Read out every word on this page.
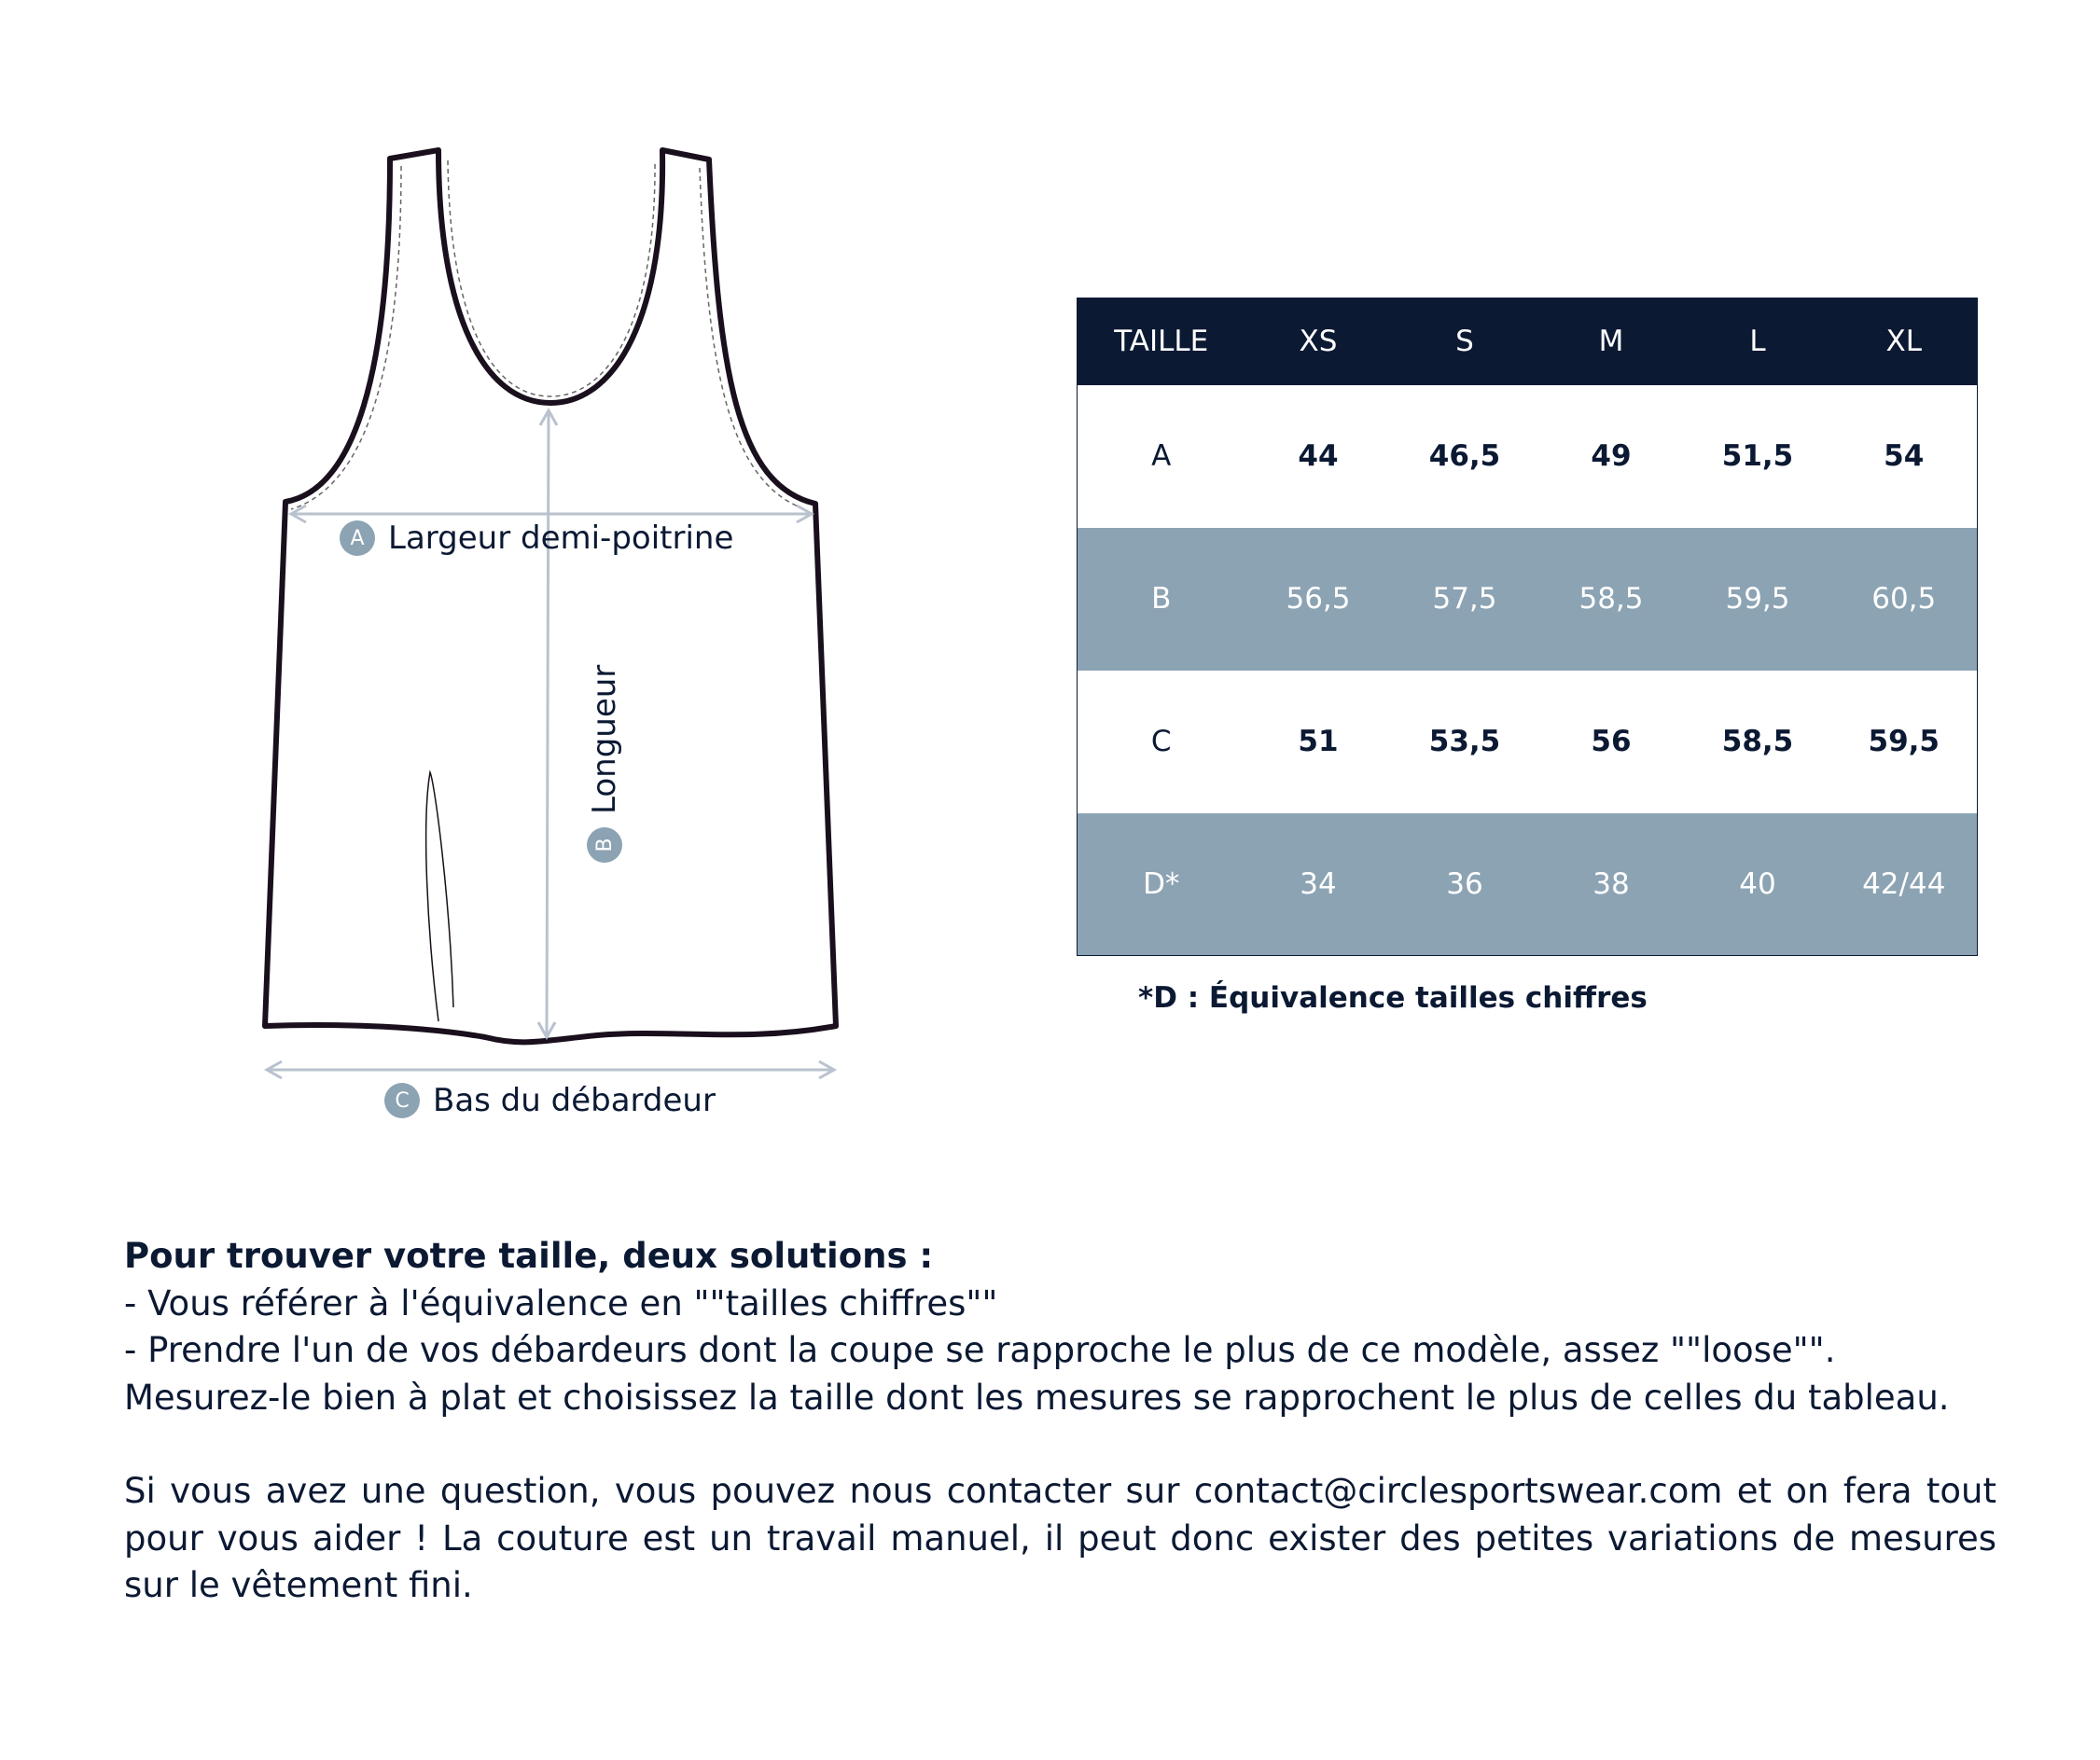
A Largeur demi-poitrine
B
Longueur
C Bas du débardeur
TAILLE	XS	S	M	L	XL
A	44	46,5	49	51,5	54
B	56,5	57,5	58,5	59,5	60,5
C	51	53,5	56	58,5	59,5
D*	34	36	38	40	42/44
*D : Équivalence tailles chiffres
Pour trouver votre taille, deux solutions :
- Vous référer à l'équivalence en ""tailles chiffres""
- Prendre l'un de vos débardeurs dont la coupe se rapproche le plus de ce modèle, assez ""loose"".
Mesurez-le bien à plat et choisissez la taille dont les mesures se rapprochent le plus de celles du tableau.
Si vous avez une question, vous pouvez nous contacter sur contact@circlesportswear.com et on fera tout pour vous aider ! La couture est un travail manuel, il peut donc exister des petites variations de mesures sur le vêtement fini.
